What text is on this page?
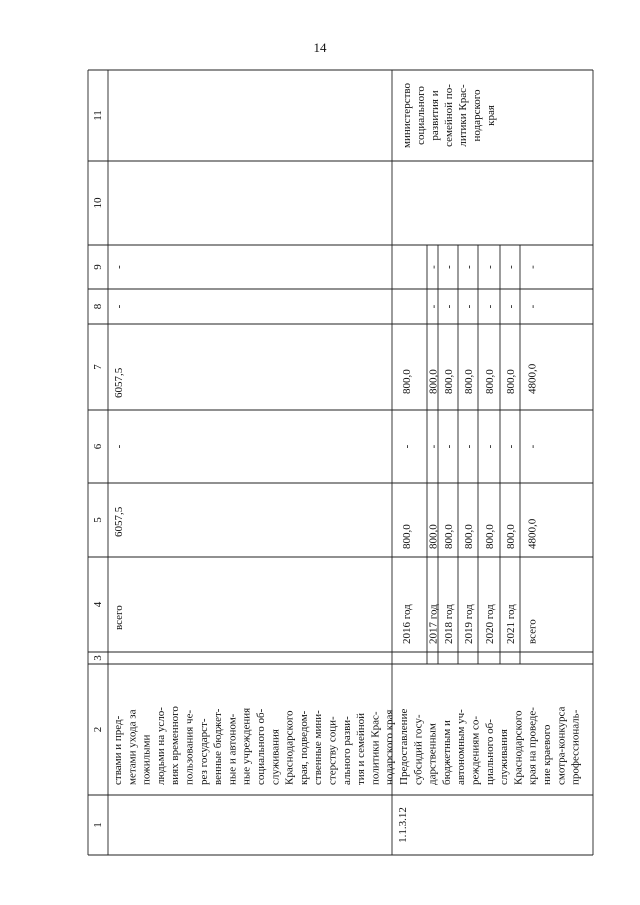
14
1
2
3
4
5
6
7
8
9
10
11
ствами и пред- метами ухода за пожилыми людьми на усло- виях временного пользования че- рез государст- венные бюджет- ные и автоном- ные учреждения социального об- служивания Краснодарского края, подведом- ственные мини- стерству соци- ального разви- тия и семейной политики Крас- нодарского края
всего
6057,5
-
6057,5
-
-
министерство социального развития и семейной по- литики Крас- нодарского края
1.1.3.12
Предоставление субсидий госу- дарственным бюджетным и автономным уч- реждениям со- циального об- служивания Краснодарского края на проведе- ние краевого смотра-конкурса профессиональ-
2016 год
800,0
-
800,0
2017 год
800,0
-
800,0
-
-
2018 год
800,0
-
800,0
-
-
2019 год
800,0
-
800,0
-
-
2020 год
800,0
-
800,0
-
-
2021 год
800,0
-
800,0
-
-
всего
4800,0
-
4800,0
-
-
